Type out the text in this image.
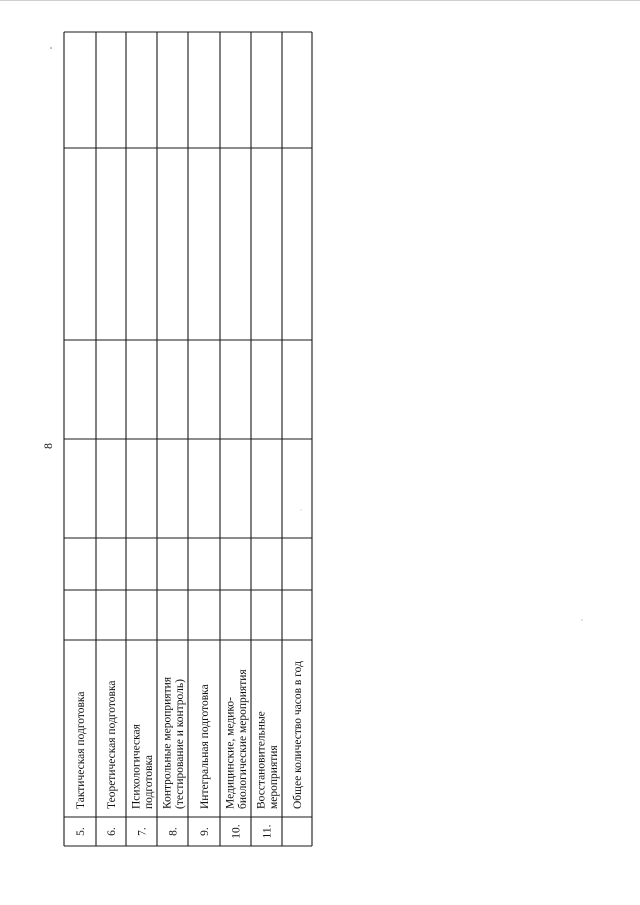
8
5.
Тактическая подготовка
6.
Теоретическая подготовка
7.
Психологическая подготовка
8.
Контрольные мероприятия (тестирование и контроль)
9.
Интегральная подготовка
10.
Медицинские, медико- биологические мероприятия
11.
Восстановительные мероприятия Общее количество часов в год
